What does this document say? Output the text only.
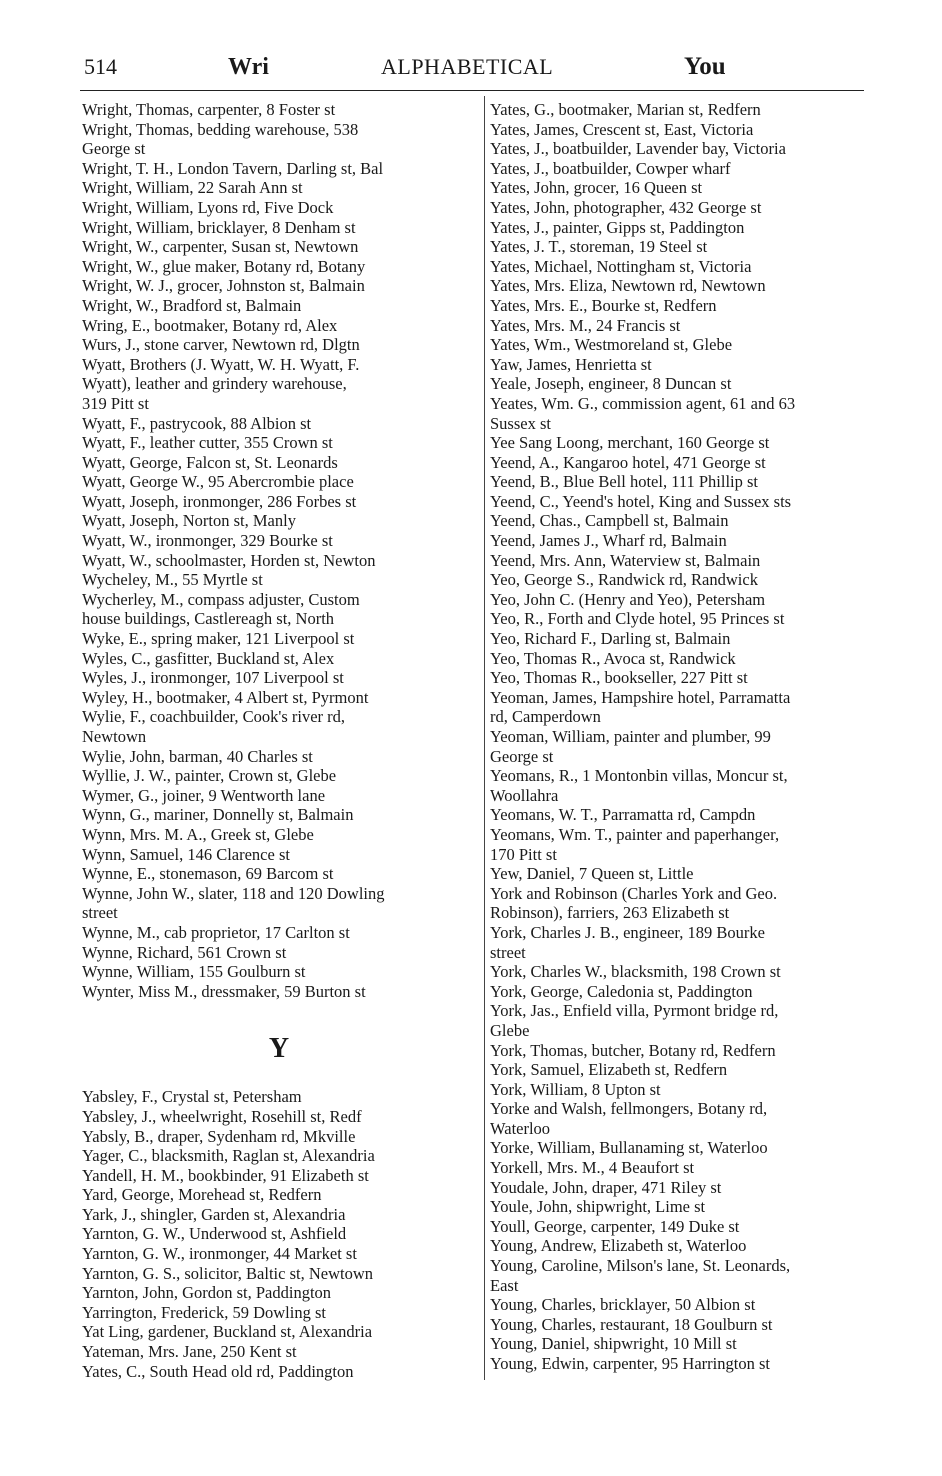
514	Wri	ALPHABETICAL	You
Wright, Thomas, carpenter, 8 Foster st
Wright, Thomas, bedding warehouse, 538
George st
Wright, T. H., London Tavern, Darling st, Bal
Wright, William, 22 Sarah Ann st
Wright, William, Lyons rd, Five Dock
Wright, William, bricklayer, 8 Denham st
Wright, W., carpenter, Susan st, Newtown
Wright, W., glue maker, Botany rd, Botany
Wright, W. J., grocer, Johnston st, Balmain
Wright, W., Bradford st, Balmain
Wring, E., bootmaker, Botany rd, Alex
Wurs, J., stone carver, Newtown rd, Dlgtn
Wyatt, Brothers (J. Wyatt, W. H. Wyatt, F.
Wyatt), leather and grindery warehouse,
319 Pitt st
Wyatt, F., pastrycook, 88 Albion st
Wyatt, F., leather cutter, 355 Crown st
Wyatt, George, Falcon st, St. Leonards
Wyatt, George W., 95 Abercrombie place
Wyatt, Joseph, ironmonger, 286 Forbes st
Wyatt, Joseph, Norton st, Manly
Wyatt, W., ironmonger, 329 Bourke st
Wyatt, W., schoolmaster, Horden st, Newton
Wycheley, M., 55 Myrtle st
Wycherley, M., compass adjuster, Custom
house buildings, Castlereagh st, North
Wyke, E., spring maker, 121 Liverpool st
Wyles, C., gasfitter, Buckland st, Alex
Wyles, J., ironmonger, 107 Liverpool st
Wyley, H., bootmaker, 4 Albert st, Pyrmont
Wylie, F., coachbuilder, Cook's river rd,
Newtown
Wylie, John, barman, 40 Charles st
Wyllie, J. W., painter, Crown st, Glebe
Wymer, G., joiner, 9 Wentworth lane
Wynn, G., mariner, Donnelly st, Balmain
Wynn, Mrs. M. A., Greek st, Glebe
Wynn, Samuel, 146 Clarence st
Wynne, E., stonemason, 69 Barcom st
Wynne, John W., slater, 118 and 120 Dowling
street
Wynne, M., cab proprietor, 17 Carlton st
Wynne, Richard, 561 Crown st
Wynne, William, 155 Goulburn st
Wynter, Miss M., dressmaker, 59 Burton st
Y
Yabsley, F., Crystal st, Petersham
Yabsley, J., wheelwright, Rosehill st, Redf
Yabsly, B., draper, Sydenham rd, Mkville
Yager, C., blacksmith, Raglan st, Alexandria
Yandell, H. M., bookbinder, 91 Elizabeth st
Yard, George, Morehead st, Redfern
Yark, J., shingler, Garden st, Alexandria
Yarnton, G. W., Underwood st, Ashfield
Yarnton, G. W., ironmonger, 44 Market st
Yarnton, G. S., solicitor, Baltic st, Newtown
Yarnton, John, Gordon st, Paddington
Yarrington, Frederick, 59 Dowling st
Yat Ling, gardener, Buckland st, Alexandria
Yateman, Mrs. Jane, 250 Kent st
Yates, C., South Head old rd, Paddington
Yates, G., bootmaker, Marian st, Redfern
Yates, James, Crescent st, East, Victoria
Yates, J., boatbuilder, Lavender bay, Victoria
Yates, J., boatbuilder, Cowper wharf
Yates, John, grocer, 16 Queen st
Yates, John, photographer, 432 George st
Yates, J., painter, Gipps st, Paddington
Yates, J. T., storeman, 19 Steel st
Yates, Michael, Nottingham st, Victoria
Yates, Mrs. Eliza, Newtown rd, Newtown
Yates, Mrs. E., Bourke st, Redfern
Yates, Mrs. M., 24 Francis st
Yates, Wm., Westmoreland st, Glebe
Yaw, James, Henrietta st
Yeale, Joseph, engineer, 8 Duncan st
Yeates, Wm. G., commission agent, 61 and 63
Sussex st
Yee Sang Loong, merchant, 160 George st
Yeend, A., Kangaroo hotel, 471 George st
Yeend, B., Blue Bell hotel, 111 Phillip st
Yeend, C., Yeend's hotel, King and Sussex sts
Yeend, Chas., Campbell st, Balmain
Yeend, James J., Wharf rd, Balmain
Yeend, Mrs. Ann, Waterview st, Balmain
Yeo, George S., Randwick rd, Randwick
Yeo, John C. (Henry and Yeo), Petersham
Yeo, R., Forth and Clyde hotel, 95 Princes st
Yeo, Richard F., Darling st, Balmain
Yeo, Thomas R., Avoca st, Randwick
Yeo, Thomas R., bookseller, 227 Pitt st
Yeoman, James, Hampshire hotel, Parramatta
rd, Camperdown
Yeoman, William, painter and plumber, 99
George st
Yeomans, R., 1 Montonbin villas, Moncur st,
Woollahra
Yeomans, W. T., Parramatta rd, Campdn
Yeomans, Wm. T., painter and paperhanger,
170 Pitt st
Yew, Daniel, 7 Queen st, Little
York and Robinson (Charles York and Geo.
Robinson), farriers, 263 Elizabeth st
York, Charles J. B., engineer, 189 Bourke
street
York, Charles W., blacksmith, 198 Crown st
York, George, Caledonia st, Paddington
York, Jas., Enfield villa, Pyrmont bridge rd,
Glebe
York, Thomas, butcher, Botany rd, Redfern
York, Samuel, Elizabeth st, Redfern
York, William, 8 Upton st
Yorke and Walsh, fellmongers, Botany rd,
Waterloo
Yorke, William, Bullanaming st, Waterloo
Yorkell, Mrs. M., 4 Beaufort st
Youdale, John, draper, 471 Riley st
Youle, John, shipwright, Lime st
Youll, George, carpenter, 149 Duke st
Young, Andrew, Elizabeth st, Waterloo
Young, Caroline, Milson's lane, St. Leonards,
East
Young, Charles, bricklayer, 50 Albion st
Young, Charles, restaurant, 18 Goulburn st
Young, Daniel, shipwright, 10 Mill st
Young, Edwin, carpenter, 95 Harrington st
